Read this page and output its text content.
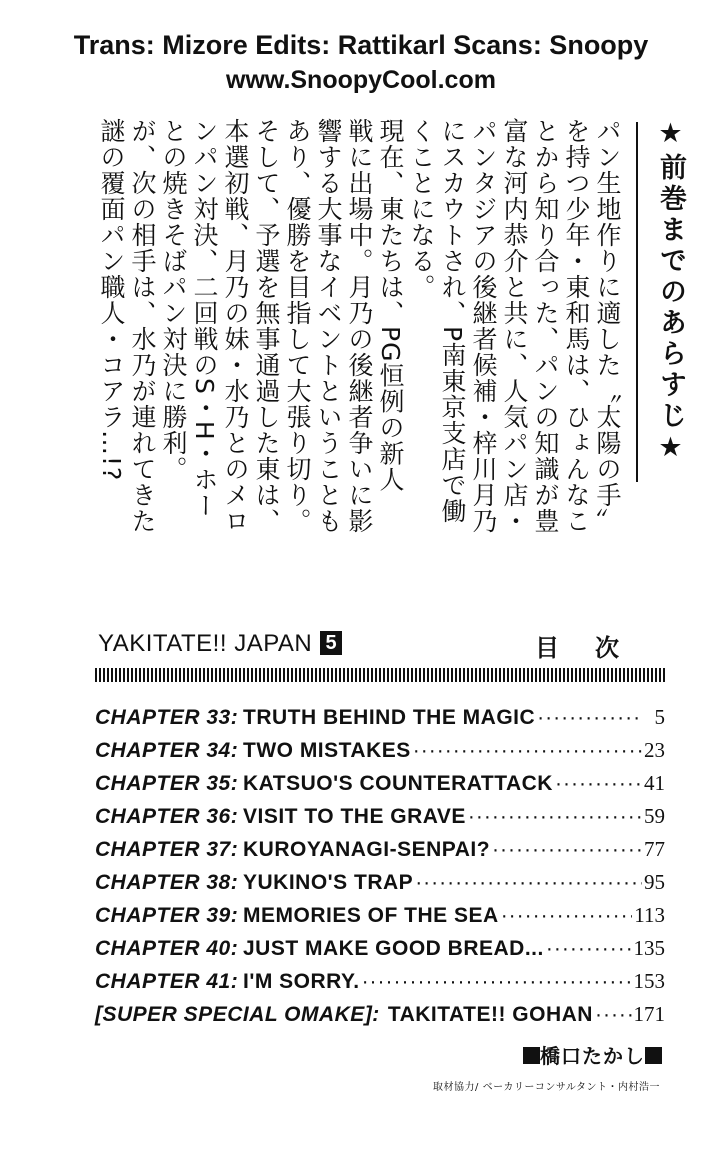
Trans: Mizore Edits: Rattikarl Scans: Snoopy
www.SnoopyCool.com
★前巻までのあらすじ★
パン生地作りに適した〝太陽の手〟
を持つ少年・東和馬は、ひょんなこ
とから知り合った、パンの知識が豊
富な河内恭介と共に、人気パン店・
パンタジアの後継者候補・梓川月乃
にスカウトされ、P南東京支店で働
くことになる。
現在、東たちは、PG恒例の新人
戦に出場中。月乃の後継者争いに影
響する大事なイベントということも
あり、優勝を目指して大張り切り。
そして、予選を無事通過した東は、
本選初戦、月乃の妹・水乃とのメロ
ンパン対決、二回戦のS・H・ホー
との焼きそばパン対決に勝利。
が、次の相手は、水乃が連れてきた
謎の覆面パン職人・コアラ…!?
YAKITATE!! JAPAN 5	目次
CHAPTER 33: TRUTH BEHIND THE MAGIC ·····	5
CHAPTER 34: TWO MISTAKES ·····	23
CHAPTER 35: KATSUO'S COUNTERATTACK ·····	41
CHAPTER 36: VISIT TO THE GRAVE ·····	59
CHAPTER 37: KUROYANAGI-SENPAI? ·····	77
CHAPTER 38: YUKINO'S TRAP ·····	95
CHAPTER 39: MEMORIES OF THE SEA ·····	113
CHAPTER 40: JUST MAKE GOOD BREAD... ·····	135
CHAPTER 41: I'M SORRY. ·····	153
[SUPER SPECIAL OMAKE]: TAKITATE!! GOHAN ····· 171
橋口たかし
取材協力/ ベーカリーコンサルタント・内村浩一
